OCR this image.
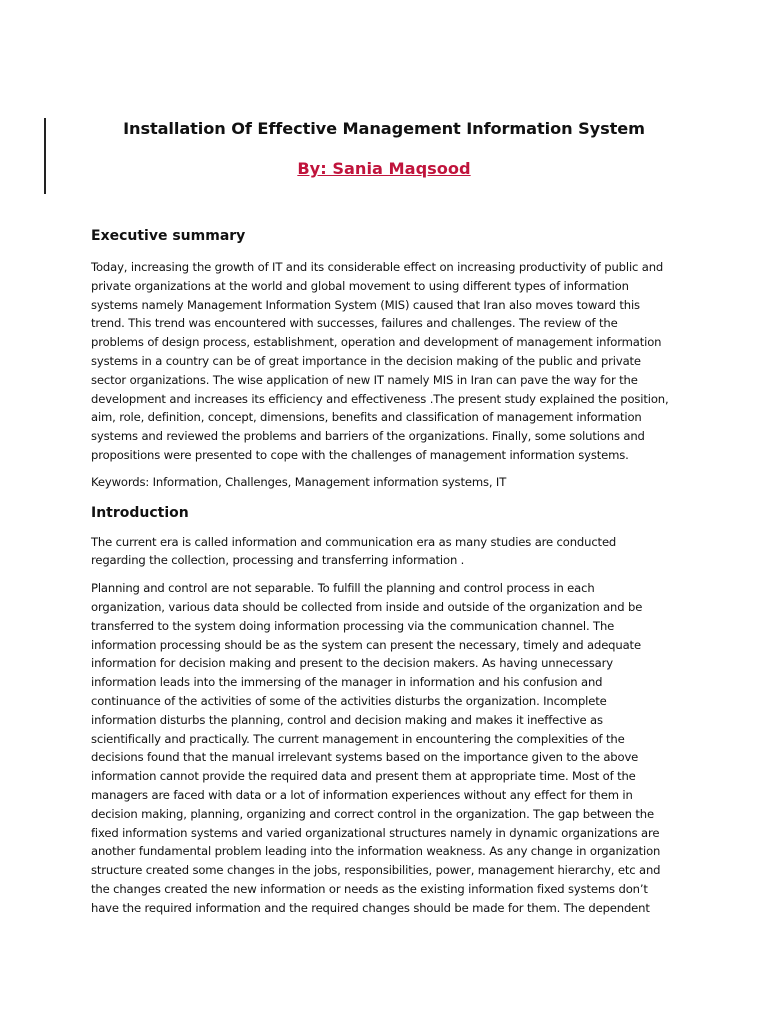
Installation Of Effective Management Information System
By: Sania Maqsood
Executive summary

Today, increasing the growth of IT and its considerable effect on increasing productivity of public and
private organizations at the world and global movement to using different types of information
systems namely Management Information System (MIS) caused that Iran also moves toward this
trend. This trend was encountered with successes, failures and challenges. The review of the
problems of design process, establishment, operation and development of management information
systems in a country can be of great importance in the decision making of the public and private
sector organizations. The wise application of new IT namely MIS in Iran can pave the way for the
development and increases its efficiency and effectiveness .The present study explained the position,
aim, role, definition, concept, dimensions, benefits and classification of management information
systems and reviewed the problems and barriers of the organizations. Finally, some solutions and
propositions were presented to cope with the challenges of management information systems.

Keywords: Information, Challenges, Management information systems, IT

Introduction

The current era is called information and communication era as many studies are conducted
regarding the collection, processing and transferring information .

Planning and control are not separable. To fulfill the planning and control process in each
organization, various data should be collected from inside and outside of the organization and be
transferred to the system doing information processing via the communication channel. The
information processing should be as the system can present the necessary, timely and adequate
information for decision making and present to the decision makers. As having unnecessary
information leads into the immersing of the manager in information and his confusion and
continuance of the activities of some of the activities disturbs the organization. Incomplete
information disturbs the planning, control and decision making and makes it ineffective as
scientifically and practically. The current management in encountering the complexities of the
decisions found that the manual irrelevant systems based on the importance given to the above
information cannot provide the required data and present them at appropriate time. Most of the
managers are faced with data or a lot of information experiences without any effect for them in
decision making, planning, organizing and correct control in the organization. The gap between the
fixed information systems and varied organizational structures namely in dynamic organizations are
another fundamental problem leading into the information weakness. As any change in organization
structure created some changes in the jobs, responsibilities, power, management hierarchy, etc and
the changes created the new information or needs as the existing information fixed systems don’t
have the required information and the required changes should be made for them. The dependent
